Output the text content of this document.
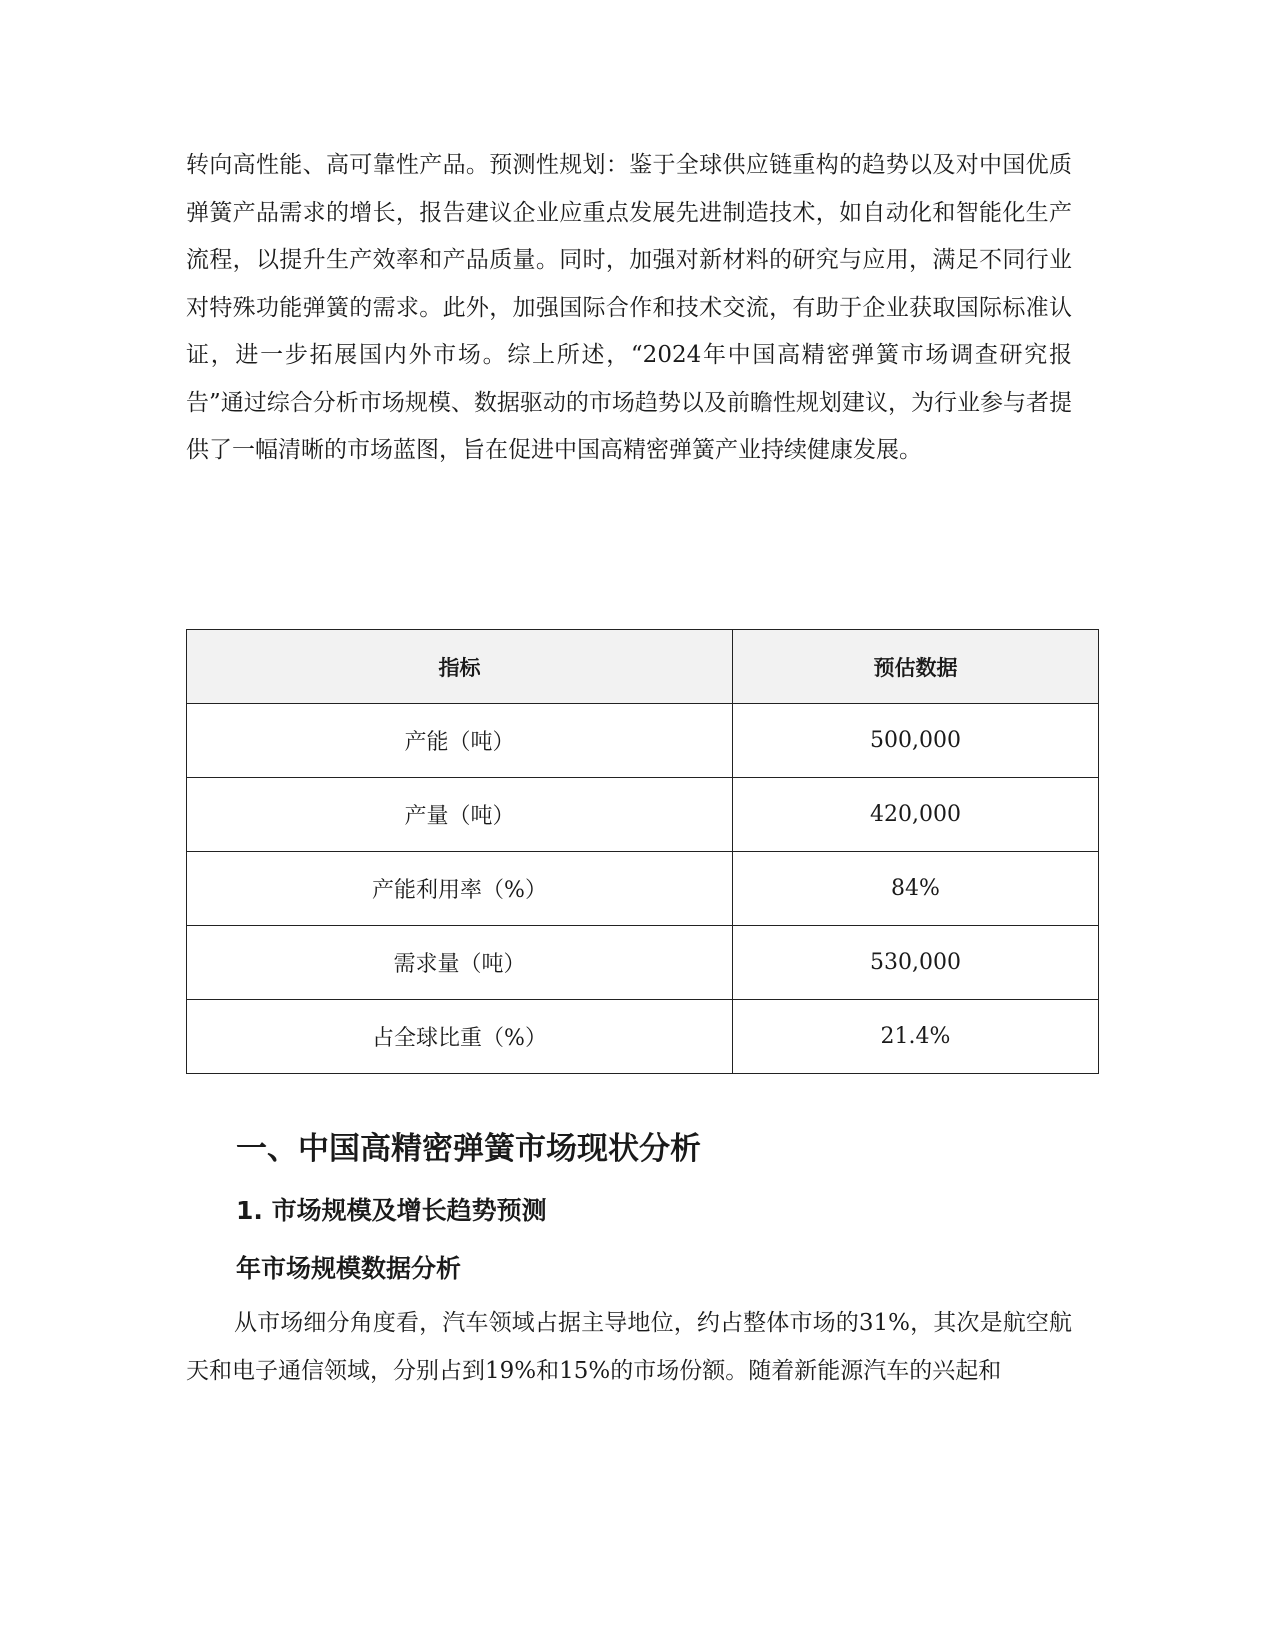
转向高性能、高可靠性产品。预测性规划：鉴于全球供应链重构的趋势以及对中国优质弹簧产品需求的增长，报告建议企业应重点发展先进制造技术，如自动化和智能化生产流程，以提升生产效率和产品质量。同时，加强对新材料的研究与应用，满足不同行业对特殊功能弹簧的需求。此外，加强国际合作和技术交流，有助于企业获取国际标准认证，进一步拓展国内外市场。综上所述，“2024年中国高精密弹簧市场调查研究报告”通过综合分析市场规模、数据驱动的市场趋势以及前瞻性规划建议，为行业参与者提供了一幅清晰的市场蓝图，旨在促进中国高精密弹簧产业持续健康发展。

指标	预估数据
产能（吨）	500,000
产量（吨）	420,000
产能利用率（%）	84%
需求量（吨）	530,000
占全球比重（%）	21.4%
一、中国高精密弹簧市场现状分析
1. 市场规模及增长趋势预测
年市场规模数据分析

从市场细分角度看，汽车领域占据主导地位，约占整体市场的31%，其次是航空航天和电子通信领域，分别占到19%和15%的市场份额。随着新能源汽车的兴起和
